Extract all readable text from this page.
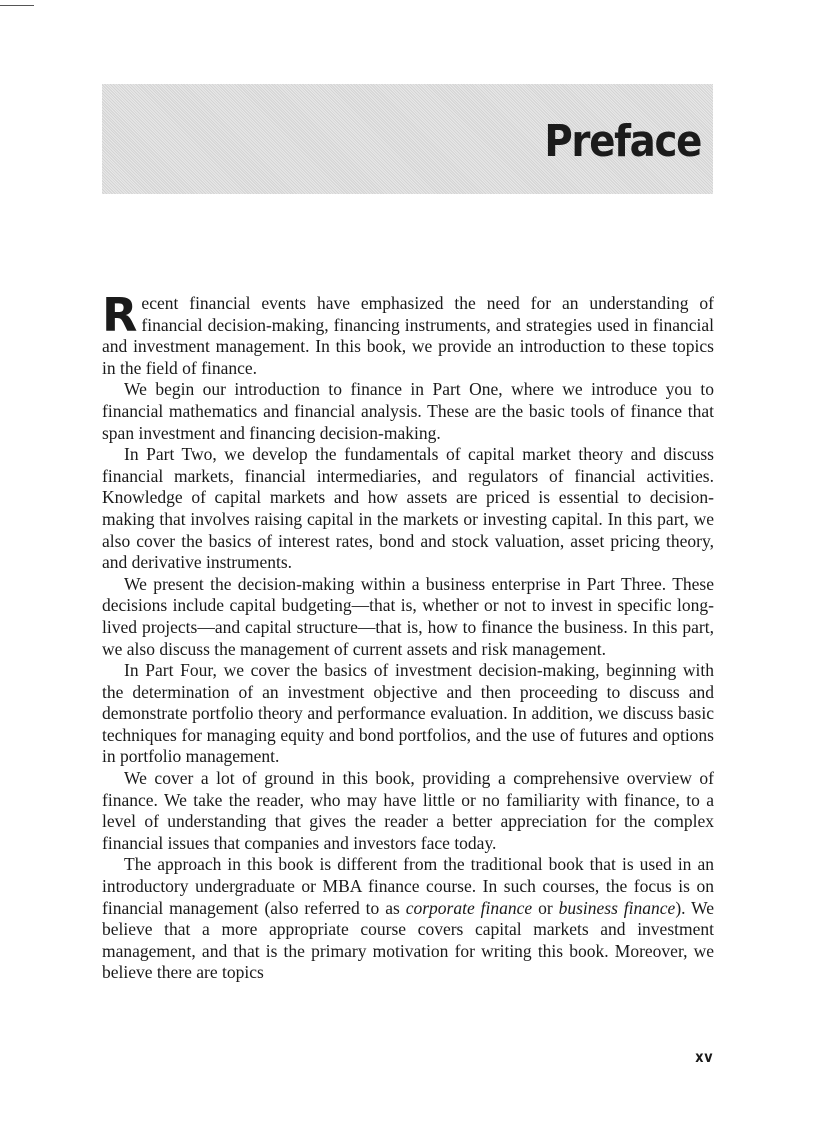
Preface

Recent financial events have emphasized the need for an understanding of financial decision-making, financing instruments, and strategies used in financial and investment management. In this book, we provide an introduction to these topics in the field of finance.

We begin our introduction to finance in Part One, where we introduce you to financial mathematics and financial analysis. These are the basic tools of finance that span investment and financing decision-making.

In Part Two, we develop the fundamentals of capital market theory and discuss financial markets, financial intermediaries, and regulators of financial activities. Knowledge of capital markets and how assets are priced is essential to decision-making that involves raising capital in the markets or investing capital. In this part, we also cover the basics of interest rates, bond and stock valuation, asset pricing theory, and derivative instruments.

We present the decision-making within a business enterprise in Part Three. These decisions include capital budgeting—that is, whether or not to invest in specific long-lived projects—and capital structure—that is, how to finance the business. In this part, we also discuss the management of current assets and risk management.

In Part Four, we cover the basics of investment decision-making, beginning with the determination of an investment objective and then proceeding to discuss and demonstrate portfolio theory and performance evaluation. In addition, we discuss basic techniques for managing equity and bond portfolios, and the use of futures and options in portfolio management.

We cover a lot of ground in this book, providing a comprehensive overview of finance. We take the reader, who may have little or no familiarity with finance, to a level of understanding that gives the reader a better appreciation for the complex financial issues that companies and investors face today.

The approach in this book is different from the traditional book that is used in an introductory undergraduate or MBA finance course. In such courses, the focus is on financial management (also referred to as corporate finance or business finance). We believe that a more appropriate course covers capital markets and investment management, and that is the primary motivation for writing this book. Moreover, we believe there are topics

xv
